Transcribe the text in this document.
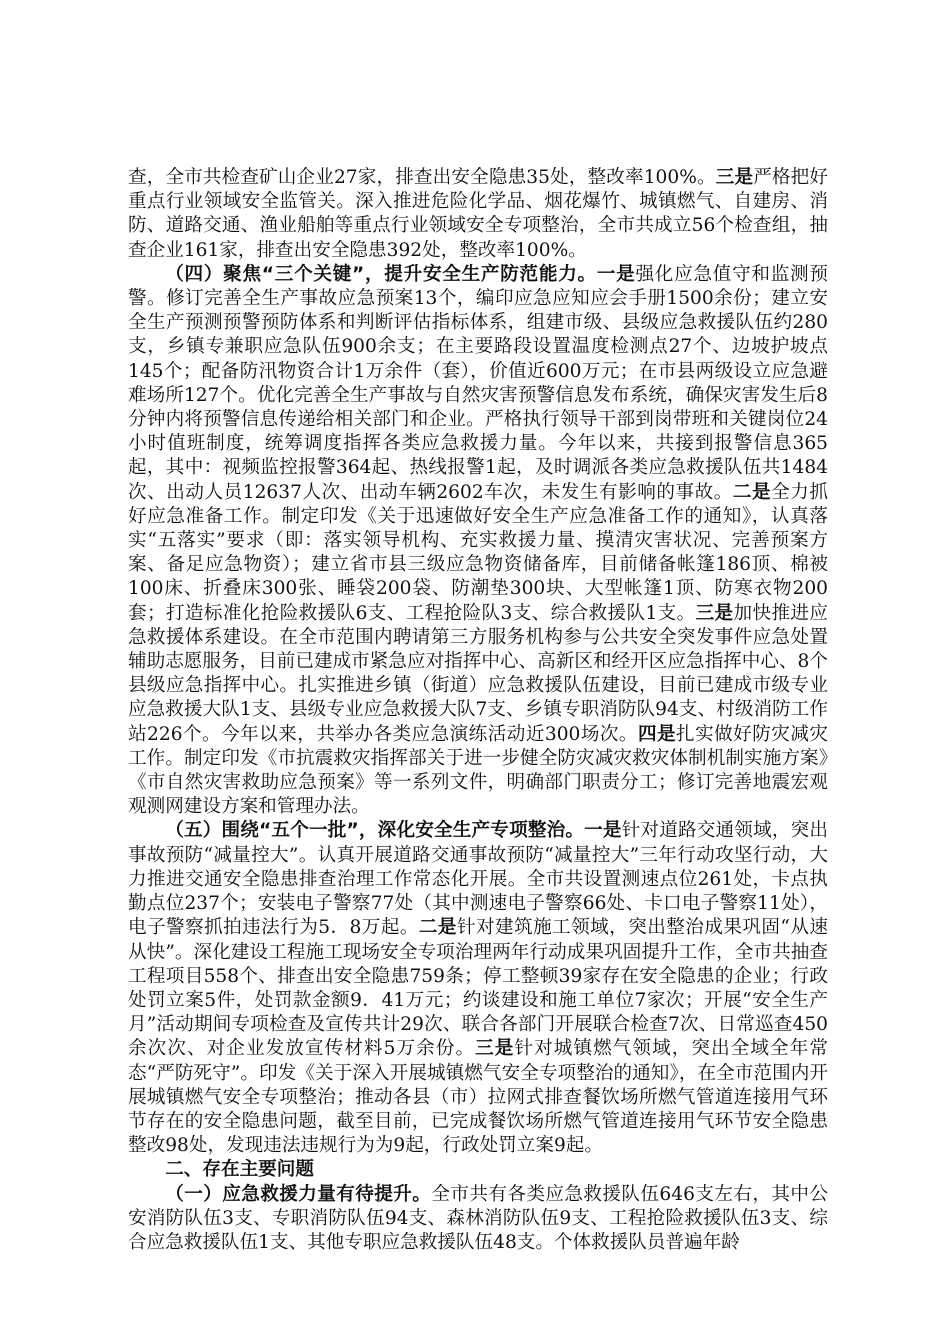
查，全市共检查矿山企业27家，排查出安全隐患35处，整改率100%。三是严格把好重点行业领域安全监管关。深入推进危险化学品、烟花爆竹、城镇燃气、自建房、消防、道路交通、渔业船舶等重点行业领域安全专项整治，全市共成立56个检查组，抽查企业161家，排查出安全隐患392处，整改率100%。

（四）聚焦“三个关键”，提升安全生产防范能力。一是强化应急值守和监测预警。修订完善全生产事故应急预案13个，编印应急应知应会手册1500余份；建立安全生产预测预警预防体系和判断评估指标体系，组建市级、县级应急救援队伍约280支，乡镇专兼职应急队伍900余支；在主要路段设置温度检测点27个、边坡护坡点145个；配备防汛物资合计1万余件（套），价值近600万元；在市县两级设立应急避难场所127个。优化完善全生产事故与自然灾害预警信息发布系统，确保灾害发生后8分钟内将预警信息传递给相关部门和企业。严格执行领导干部到岗带班和关键岗位24小时值班制度，统筹调度指挥各类应急救援力量。今年以来，共接到报警信息365起，其中：视频监控报警364起、热线报警1起，及时调派各类应急救援队伍共1484次、出动人员12637人次、出动车辆2602车次，未发生有影响的事故。二是全力抓好应急准备工作。制定印发《关于迅速做好安全生产应急准备工作的通知》，认真落实“五落实”要求（即：落实领导机构、充实救援力量、摸清灾害状况、完善预案方案、备足应急物资）；建立省市县三级应急物资储备库，目前储备帐篷186顶、棉被100床、折叠床300张、睡袋200袋、防潮垫300块、大型帐篷1顶、防寒衣物200套；打造标准化抢险救援队6支、工程抢险队3支、综合救援队1支。三是加快推进应急救援体系建设。在全市范围内聘请第三方服务机构参与公共安全突发事件应急处置辅助志愿服务，目前已建成市紧急应对指挥中心、高新区和经开区应急指挥中心、8个县级应急指挥中心。扎实推进乡镇（街道）应急救援队伍建设，目前已建成市级专业应急救援大队1支、县级专业应急救援大队7支、乡镇专职消防队94支、村级消防工作站226个。今年以来，共举办各类应急演练活动近300场次。四是扎实做好防灾减灾工作。制定印发《市抗震救灾指挥部关于进一步健全防灾减灾救灾体制机制实施方案》《市自然灾害救助应急预案》等一系列文件，明确部门职责分工；修订完善地震宏观观测网建设方案和管理办法。

（五）围绕“五个一批”，深化安全生产专项整治。一是针对道路交通领域，突出事故预防“减量控大”。认真开展道路交通事故预防“减量控大”三年行动攻坚行动，大力推进交通安全隐患排查治理工作常态化开展。全市共设置测速点位261处，卡点执勤点位237个；安装电子警察77处（其中测速电子警察66处、卡口电子警察11处），电子警察抓拍违法行为5．8万起。二是针对建筑施工领域，突出整治成果巩固“从速从快”。深化建设工程施工现场安全专项治理两年行动成果巩固提升工作，全市共抽查工程项目558个、排查出安全隐患759条；停工整顿39家存在安全隐患的企业；行政处罚立案5件，处罚款金额9．41万元；约谈建设和施工单位7家次；开展“安全生产月”活动期间专项检查及宣传共计29次、联合各部门开展联合检查7次、日常巡查450余次次、对企业发放宣传材料5万余份。三是针对城镇燃气领域，突出全域全年常态“严防死守”。印发《关于深入开展城镇燃气安全专项整治的通知》，在全市范围内开展城镇燃气安全专项整治；推动各县（市）拉网式排查餐饮场所燃气管道连接用气环节存在的安全隐患问题，截至目前，已完成餐饮场所燃气管道连接用气环节安全隐患整改98处，发现违法违规行为为9起，行政处罚立案9起。

二、存在主要问题

（一）应急救援力量有待提升。全市共有各类应急救援队伍646支左右，其中公安消防队伍3支、专职消防队伍94支、森林消防队伍9支、工程抢险救援队伍3支、综合应急救援队伍1支、其他专职应急救援队伍48支。个体救援队员普遍年龄
